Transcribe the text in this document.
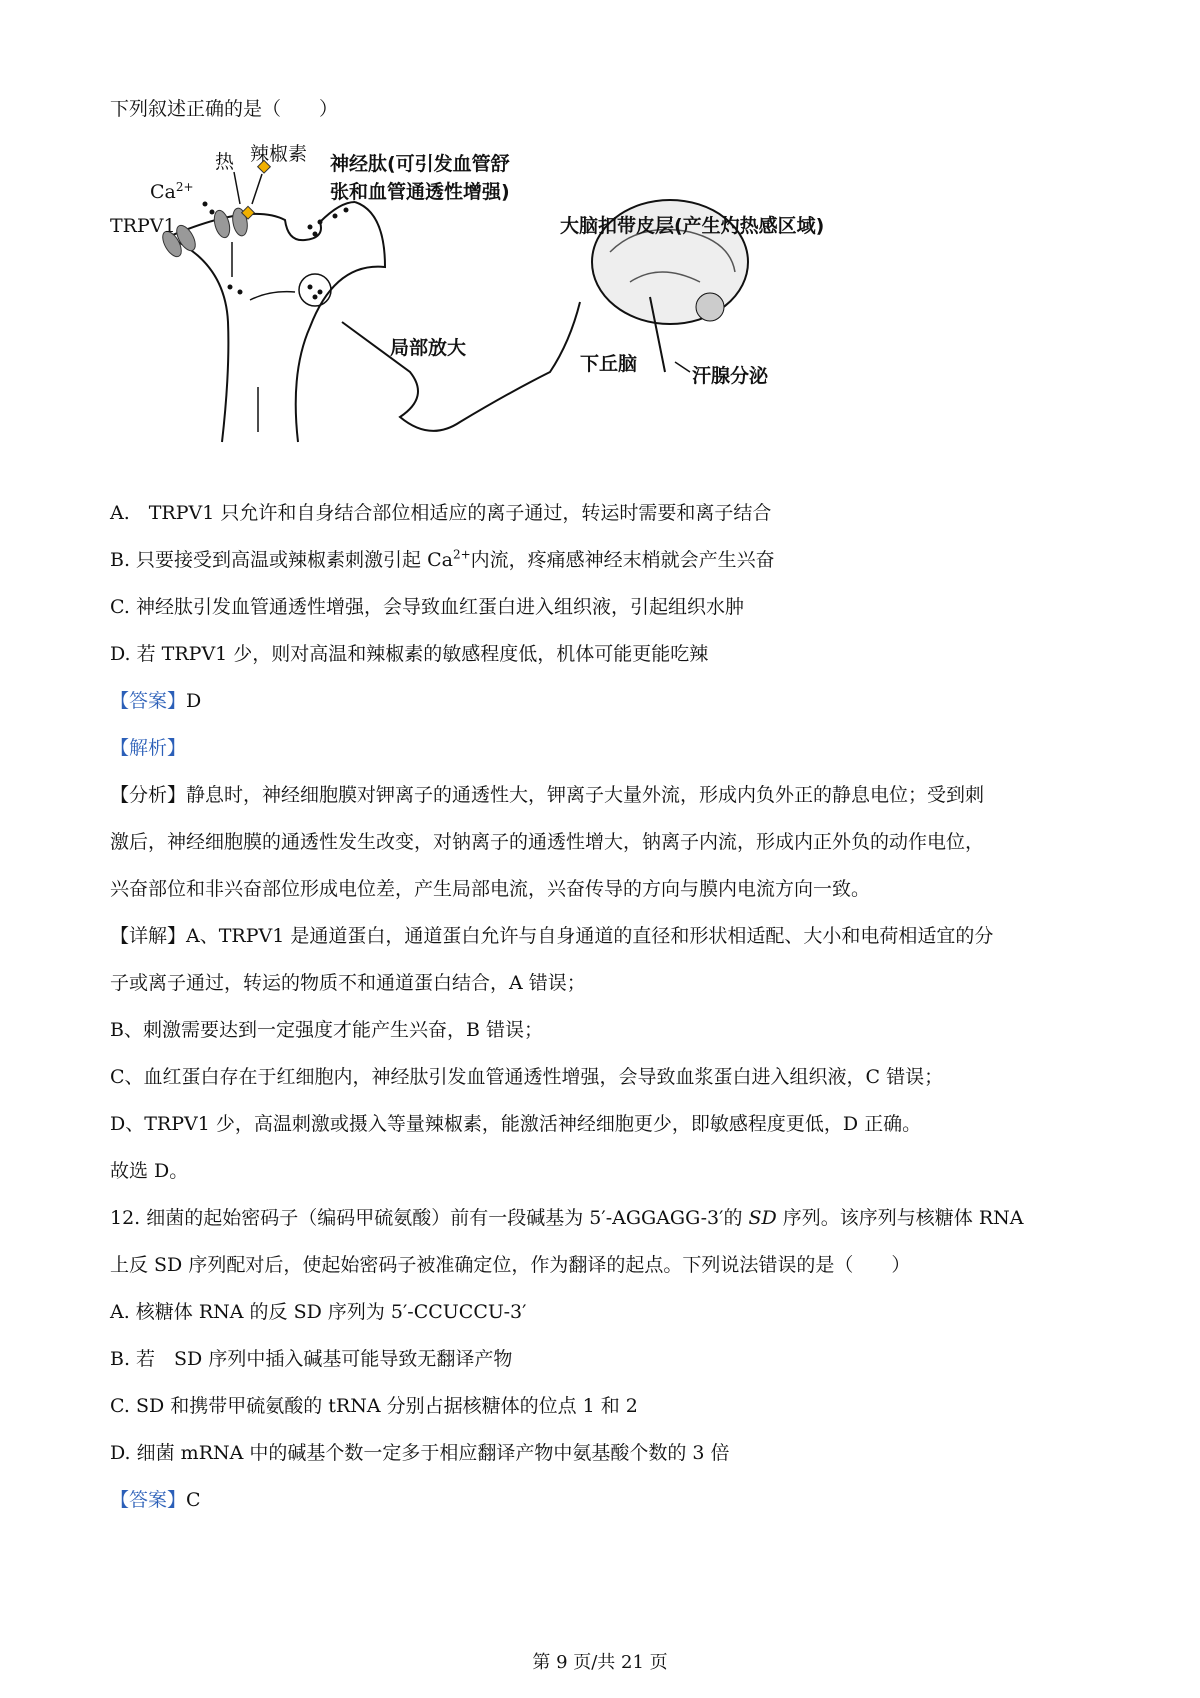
下列叙述正确的是（　　）
热 辣椒素
$Ca^{2+}$
TRPV1
神经肽(可引发血管舒
张和血管通透性增强)
大脑扣带皮层(产生灼热感区域)
局部放大
下丘脑
汗腺分泌
A.　TRPV1 只允许和自身结合部位相适应的离子通过，转运时需要和离子结合
B. 只要接受到高温或辣椒素刺激引起 $Ca^{2+}$内流，疼痛感神经末梢就会产生兴奋
C. 神经肽引发血管通透性增强，会导致血红蛋白进入组织液，引起组织水肿
D. 若 TRPV1 少，则对高温和辣椒素的敏感程度低，机体可能更能吃辣
【答案】D
【解析】
【分析】静息时，神经细胞膜对钾离子的通透性大，钾离子大量外流，形成内负外正的静息电位；受到刺
激后，神经细胞膜的通透性发生改变，对钠离子的通透性增大，钠离子内流，形成内正外负的动作电位，
兴奋部位和非兴奋部位形成电位差，产生局部电流，兴奋传导的方向与膜内电流方向一致。
【详解】A、TRPV1 是通道蛋白，通道蛋白允许与自身通道的直径和形状相适配、大小和电荷相适宜的分
子或离子通过，转运的物质不和通道蛋白结合，A 错误；
B、刺激需要达到一定强度才能产生兴奋，B 错误；
C、血红蛋白存在于红细胞内，神经肽引发血管通透性增强，会导致血浆蛋白进入组织液，C 错误；
D、TRPV1 少，高温刺激或摄入等量辣椒素，能激活神经细胞更少，即敏感程度更低，D 正确。
故选 D。
12. 细菌的起始密码子（编码甲硫氨酸）前有一段碱基为 5′-AGGAGG-3′的 SD 序列。该序列与核糖体 RNA
上反 SD 序列配对后，使起始密码子被准确定位，作为翻译的起点。下列说法错误的是（　　）
A. 核糖体 RNA 的反 SD 序列为 5′-CCUCCU-3′
B. 若　SD 序列中插入碱基可能导致无翻译产物
C. SD 和携带甲硫氨酸的 tRNA 分别占据核糖体的位点 1 和 2
D. 细菌 mRNA 中的碱基个数一定多于相应翻译产物中氨基酸个数的 3 倍
【答案】C
第 9 页/共 21 页
